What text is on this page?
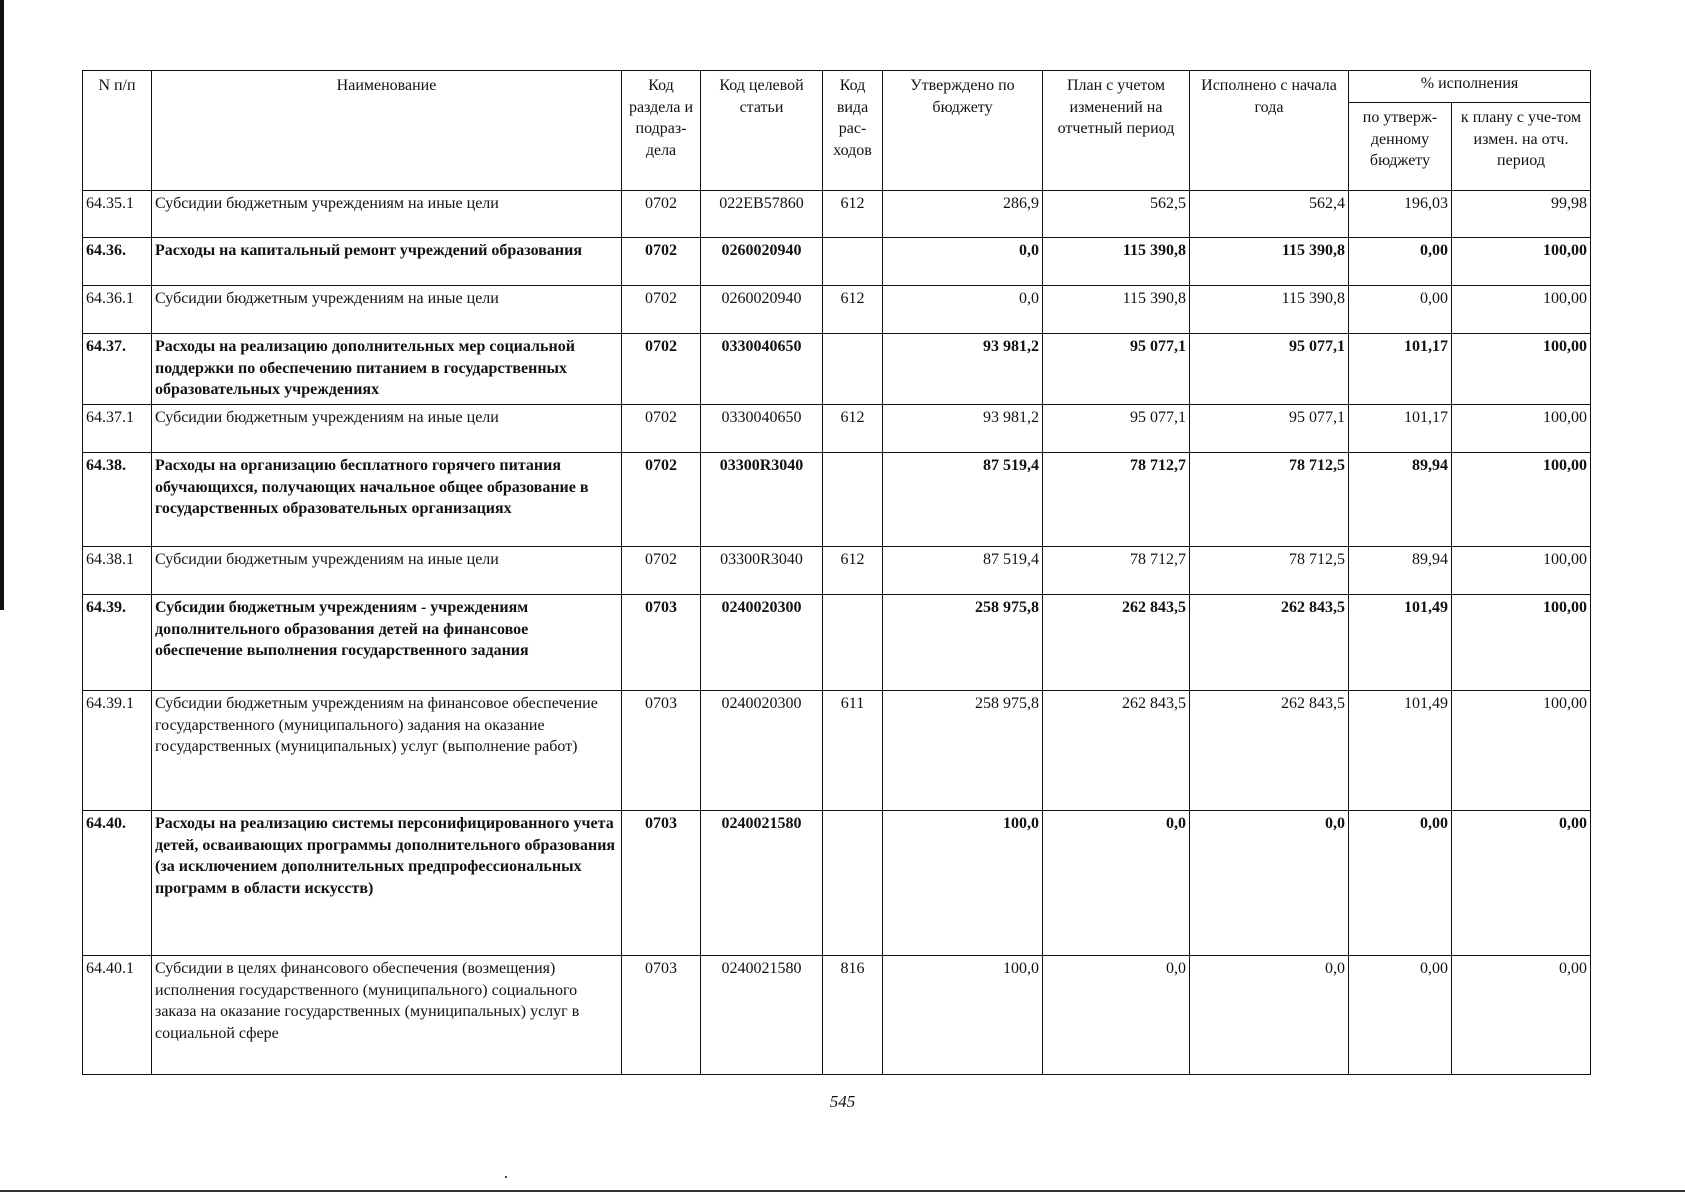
N п/п	Наименование	Код раздела и подраз-дела	Код целевой статьи	Код вида рас-ходов	Утверждено по бюджету	План с учетом изменений на отчетный период	Исполнено с начала года	% исполнения	
								по утверж-денному бюджету	к плану с уче-том измен. на отч. период
64.35.1	Субсидии бюджетным учреждениям на иные цели	0702	022EB57860	612	286,9	562,5	562,4	196,03	99,98
64.36.	Расходы на капитальный ремонт учреждений образования	0702	0260020940		0,0	115 390,8	115 390,8	0,00	100,00
64.36.1	Субсидии бюджетным учреждениям на иные цели	0702	0260020940	612	0,0	115 390,8	115 390,8	0,00	100,00
64.37.	Расходы на реализацию дополнительных мер социальной поддержки по обеспечению питанием в государственных образовательных учреждениях	0702	0330040650		93 981,2	95 077,1	95 077,1	101,17	100,00
64.37.1	Субсидии бюджетным учреждениям на иные цели	0702	0330040650	612	93 981,2	95 077,1	95 077,1	101,17	100,00
64.38.	Расходы на организацию бесплатного горячего питания обучающихся, получающих начальное общее образование в государственных образовательных организациях	0702	03300R3040		87 519,4	78 712,7	78 712,5	89,94	100,00
64.38.1	Субсидии бюджетным учреждениям на иные цели	0702	03300R3040	612	87 519,4	78 712,7	78 712,5	89,94	100,00
64.39.	Субсидии бюджетным учреждениям - учреждениям дополнительного образования детей на финансовое обеспечение выполнения государственного задания	0703	0240020300		258 975,8	262 843,5	262 843,5	101,49	100,00
64.39.1	Субсидии бюджетным учреждениям на финансовое обеспечение государственного (муниципального) задания на оказание государственных (муниципальных) услуг (выполнение работ)	0703	0240020300	611	258 975,8	262 843,5	262 843,5	101,49	100,00
64.40.	Расходы на реализацию системы персонифицированного учета детей, осваивающих программы дополнительного образования (за исключением дополнительных предпрофессиональных программ в области искусств)	0703	0240021580		100,0	0,0	0,0	0,00	0,00
64.40.1	Субсидии в целях финансового обеспечения (возмещения) исполнения государственного (муниципального) социального заказа на оказание государственных (муниципальных) услуг в социальной сфере	0703	0240021580	816	100,0	0,0	0,0	0,00	0,00
545
